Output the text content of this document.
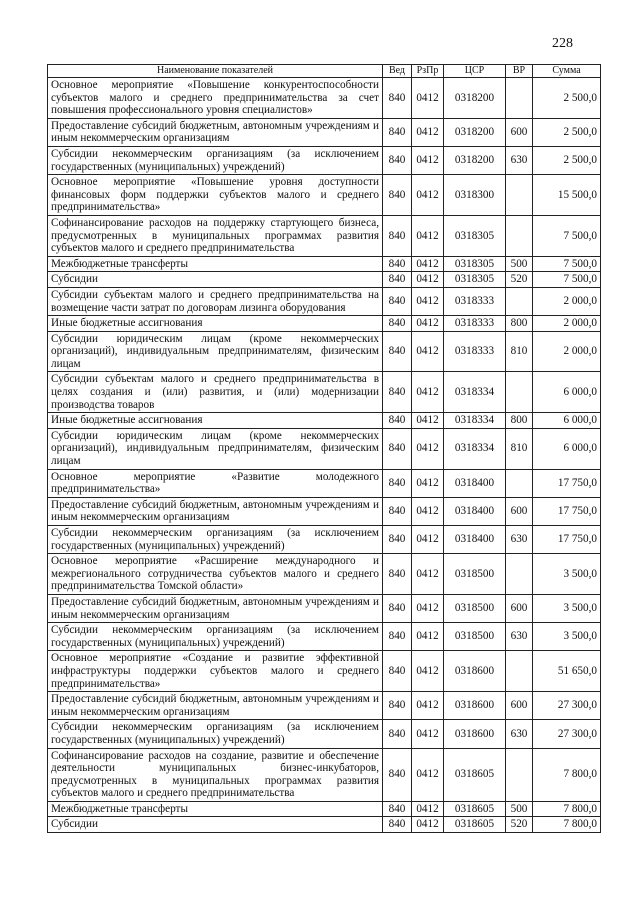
228
Наименование показателей	Вед	РзПр	ЦСР	ВР	Сумма
Основное мероприятие «Повышение конкурентоспособности субъектов малого и среднего предпринимательства за счет повышения профессионального уровня специалистов»	840	0412	0318200		2 500,0
Предоставление субсидий бюджетным, автономным учреждениям и иным некоммерческим организациям	840	0412	0318200	600	2 500,0
Субсидии некоммерческим организациям (за исключением государственных (муниципальных) учреждений)	840	0412	0318200	630	2 500,0
Основное мероприятие «Повышение уровня доступности финансовых форм поддержки субъектов малого и среднего предпринимательства»	840	0412	0318300		15 500,0
Софинансирование расходов на поддержку стартующего бизнеса, предусмотренных в муниципальных программах развития субъектов малого и среднего предпринимательства	840	0412	0318305		7 500,0
Межбюджетные трансферты	840	0412	0318305	500	7 500,0
Субсидии	840	0412	0318305	520	7 500,0
Субсидии субъектам малого и среднего предпринимательства на возмещение части затрат по договорам лизинга оборудования	840	0412	0318333		2 000,0
Иные бюджетные ассигнования	840	0412	0318333	800	2 000,0
Субсидии юридическим лицам (кроме некоммерческих организаций), индивидуальным предпринимателям, физическим лицам	840	0412	0318333	810	2 000,0
Субсидии субъектам малого и среднего предпринимательства в целях создания и (или) развития, и (или) модернизации производства товаров	840	0412	0318334		6 000,0
Иные бюджетные ассигнования	840	0412	0318334	800	6 000,0
Субсидии юридическим лицам (кроме некоммерческих организаций), индивидуальным предпринимателям, физическим лицам	840	0412	0318334	810	6 000,0
Основное мероприятие «Развитие молодежного предпринимательства»	840	0412	0318400		17 750,0
Предоставление субсидий бюджетным, автономным учреждениям и иным некоммерческим организациям	840	0412	0318400	600	17 750,0
Субсидии некоммерческим организациям (за исключением государственных (муниципальных) учреждений)	840	0412	0318400	630	17 750,0
Основное мероприятие «Расширение международного и межрегионального сотрудничества субъектов малого и среднего предпринимательства Томской области»	840	0412	0318500		3 500,0
Предоставление субсидий бюджетным, автономным учреждениям и иным некоммерческим организациям	840	0412	0318500	600	3 500,0
Субсидии некоммерческим организациям (за исключением государственных (муниципальных) учреждений)	840	0412	0318500	630	3 500,0
Основное мероприятие «Создание и развитие эффективной инфраструктуры поддержки субъектов малого и среднего предпринимательства»	840	0412	0318600		51 650,0
Предоставление субсидий бюджетным, автономным учреждениям и иным некоммерческим организациям	840	0412	0318600	600	27 300,0
Субсидии некоммерческим организациям (за исключением государственных (муниципальных) учреждений)	840	0412	0318600	630	27 300,0
Софинансирование расходов на создание, развитие и обеспечение деятельности муниципальных бизнес-инкубаторов, предусмотренных в муниципальных программах развития субъектов малого и среднего предпринимательства	840	0412	0318605		7 800,0
Межбюджетные трансферты	840	0412	0318605	500	7 800,0
Субсидии	840	0412	0318605	520	7 800,0
